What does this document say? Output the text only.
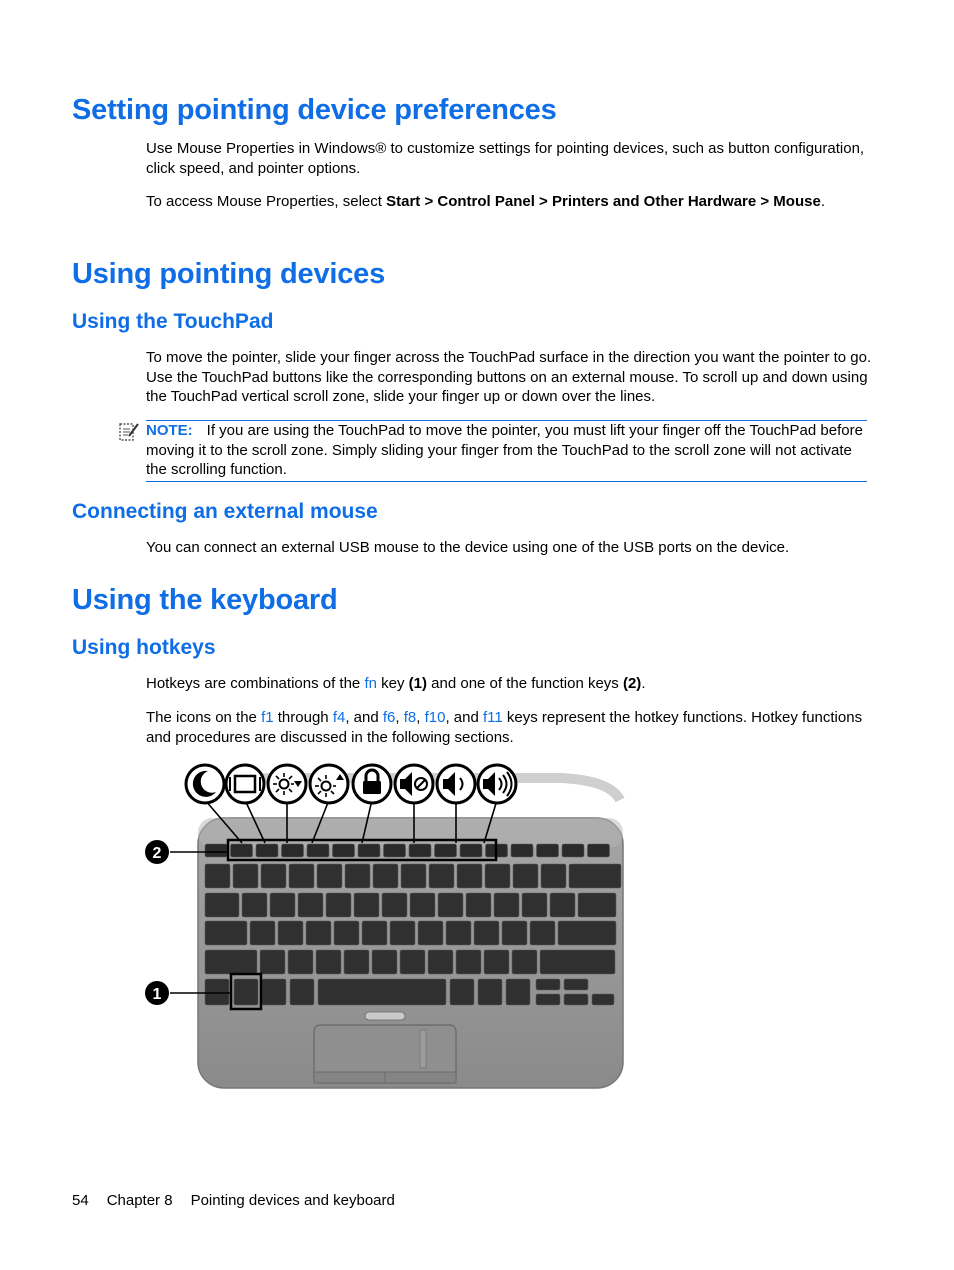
Setting pointing device preferences

Use Mouse Properties in Windows® to customize settings for pointing devices, such as button configuration, click speed, and pointer options.

To access Mouse Properties, select Start > Control Panel > Printers and Other Hardware > Mouse.

Using pointing devices
Using the TouchPad

To move the pointer, slide your finger across the TouchPad surface in the direction you want the pointer to go. Use the TouchPad buttons like the corresponding buttons on an external mouse. To scroll up and down using the TouchPad vertical scroll zone, slide your finger up or down over the lines.

NOTE: If you are using the TouchPad to move the pointer, you must lift your finger off the TouchPad before moving it to the scroll zone. Simply sliding your finger from the TouchPad to the scroll zone will not activate the scrolling function.
Connecting an external mouse

You can connect an external USB mouse to the device using one of the USB ports on the device.

Using the keyboard
Using hotkeys

Hotkeys are combinations of the fn key (1) and one of the function keys (2).

The icons on the f1 through f4, and f6, f8, f10, and f11 keys represent the hotkey functions. Hotkey functions and procedures are discussed in the following sections.

2
1
54 Chapter 8 Pointing devices and keyboard
